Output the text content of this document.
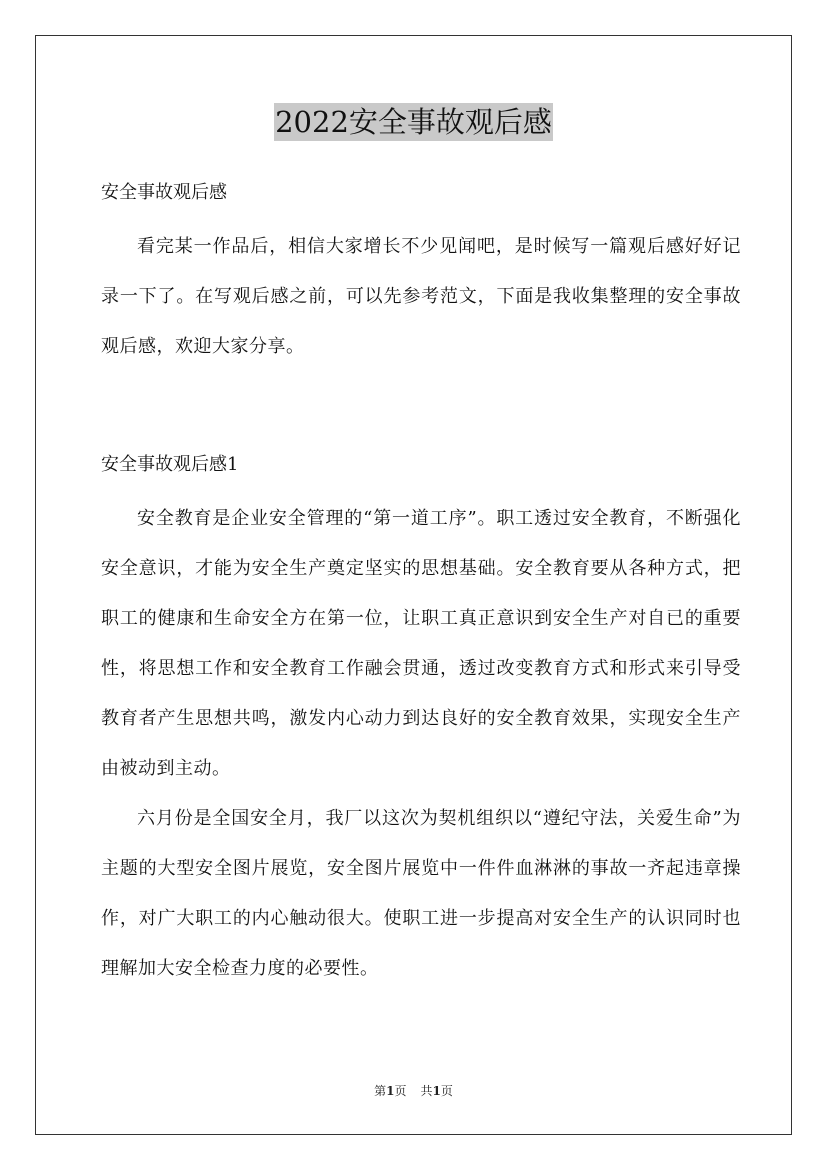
2022安全事故观后感
安全事故观后感

看完某一作品后，相信大家增长不少见闻吧，是时候写一篇观后感好好记录一下了。在写观后感之前，可以先参考范文，下面是我收集整理的安全事故观后感，欢迎大家分享。

安全事故观后感1

安全教育是企业安全管理的“第一道工序”。职工透过安全教育，不断强化安全意识，才能为安全生产奠定坚实的思想基础。安全教育要从各种方式，把职工的健康和生命安全方在第一位，让职工真正意识到安全生产对自已的重要性，将思想工作和安全教育工作融会贯通，透过改变教育方式和形式来引导受教育者产生思想共鸣，激发内心动力到达良好的安全教育效果，实现安全生产由被动到主动。

六月份是全国安全月，我厂以这次为契机组织以“遵纪守法，关爱生命”为主题的大型安全图片展览，安全图片展览中一件件血淋淋的事故一齐起违章操作，对广大职工的内心触动很大。使职工进一步提高对安全生产的认识同时也理解加大安全检查力度的必要性。

第1页 共1页
